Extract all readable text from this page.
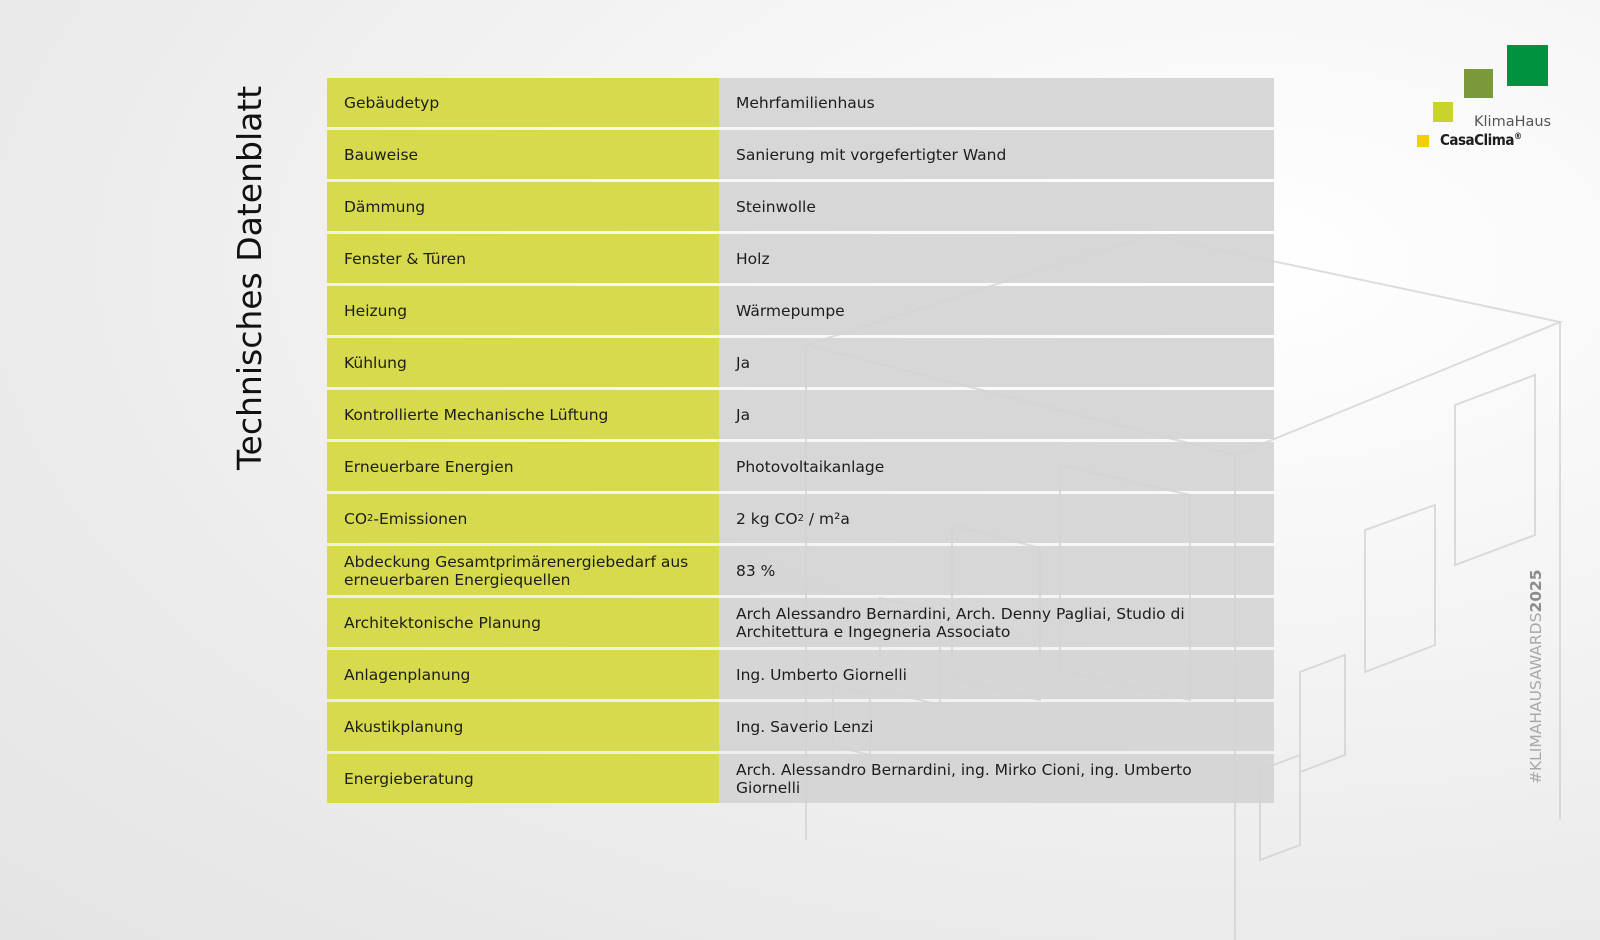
Technisches Datenblatt	Gebäudetyp	Mehrfamilienhaus
Bauweise	Sanierung mit vorgefertigter Wand
Dämmung	Steinwolle
Fenster & Türen	Holz
Heizung	Wärmepumpe
Kühlung	Ja
Kontrollierte Mechanische Lüftung	Ja
Erneuerbare Energien	Photovoltaikanlage
CO 2 -Emissionen	2 kg CO 2 / m²a
Abdeckung Gesamtprimärenergiebedarf aus erneuerbaren Energiequellen	83 %
Architektonische Planung	Arch Alessandro Bernardini, Arch. Denny Pagliai, Studio di Architettura e Ingegneria Associato
Anlagenplanung	Ing. Umberto Giornelli
Akustikplanung	Ing. Saverio Lenzi
Energieberatung	Arch. Alessandro Bernardini, ing. Mirko Cioni, ing. Umberto Giornelli
KlimaHaus
CasaClima®
#KLIMAHAUSAWARDS2025
